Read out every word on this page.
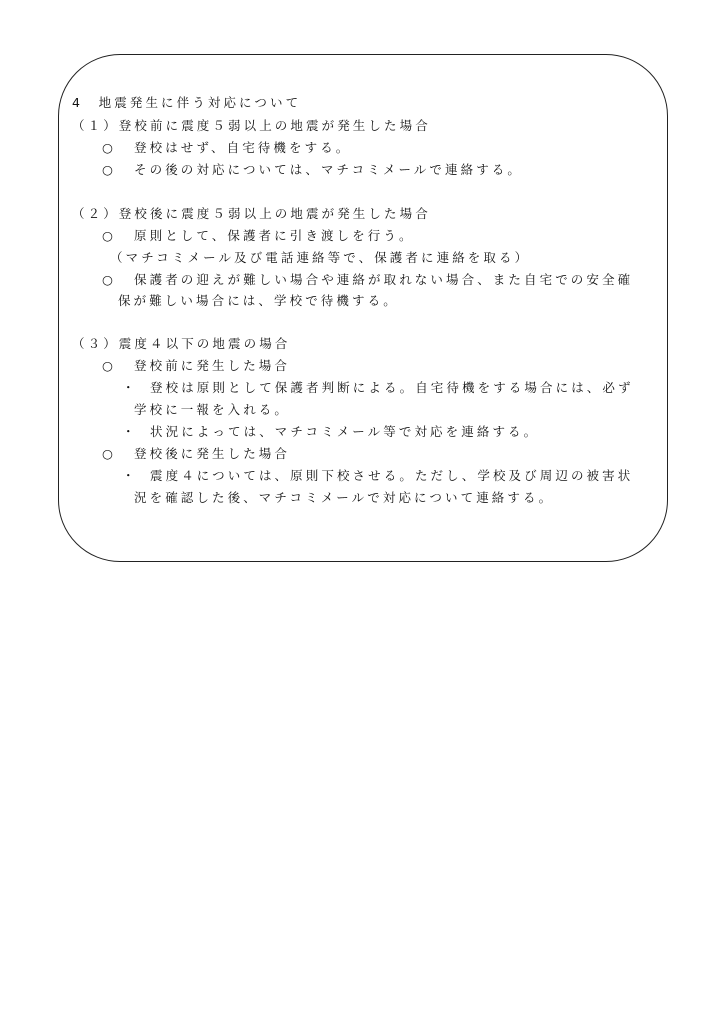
4　地震発生に伴う対応について
（１）登校前に震度５弱以上の地震が発生した場合
○ 登校はせず、自宅待機をする。
○ その後の対応については、マチコミメールで連絡する。
（２）登校後に震度５弱以上の地震が発生した場合
○ 原則として、保護者に引き渡しを行う。
（マチコミメール及び電話連絡等で、保護者に連絡を取る）
○ 保護者の迎えが難しい場合や連絡が取れない場合、また自宅での安全確
保が難しい場合には、学校で待機する。
（３）震度４以下の地震の場合
○ 登校前に発生した場合
・ 登校は原則として保護者判断による。自宅待機をする場合には、必ず
学校に一報を入れる。
・ 状況によっては、マチコミメール等で対応を連絡する。
○ 登校後に発生した場合
・ 震度４については、原則下校させる。ただし、学校及び周辺の被害状
況を確認した後、マチコミメールで対応について連絡する。
